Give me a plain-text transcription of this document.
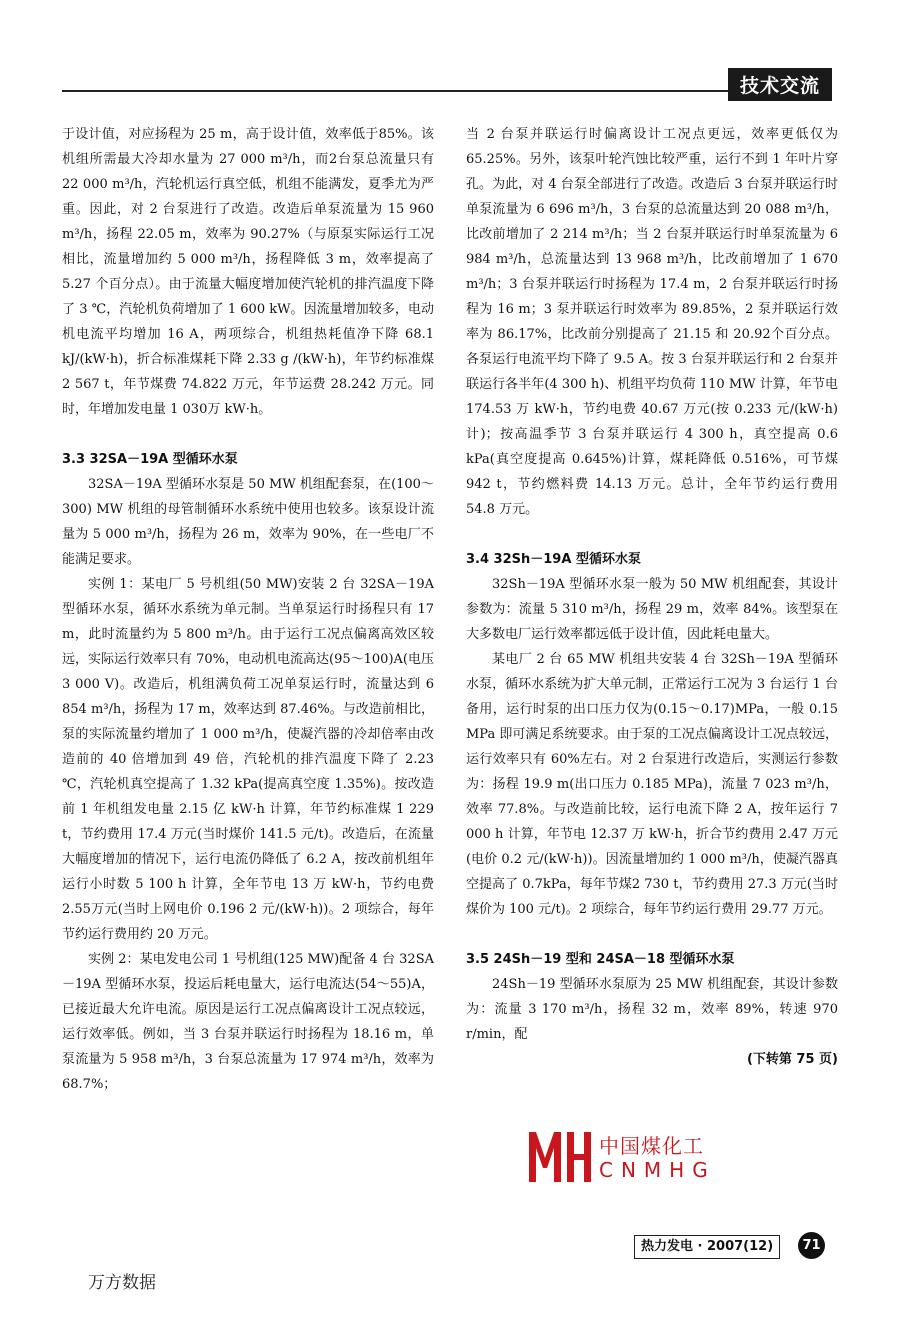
技术交流

于设计值，对应扬程为 25 m，高于设计值，效率低于85%。该机组所需最大冷却水量为 27 000 m³/h，而2台泵总流量只有 22 000 m³/h，汽轮机运行真空低，机组不能满发，夏季尤为严重。因此，对 2 台泵进行了改造。改造后单泵流量为 15 960 m³/h，扬程 22.05 m，效率为 90.27%（与原泵实际运行工况相比，流量增加约 5 000 m³/h，扬程降低 3 m，效率提高了 5.27 个百分点）。由于流量大幅度增加使汽轮机的排汽温度下降了 3 ℃，汽轮机负荷增加了 1 600 kW。因流量增加较多，电动机电流平均增加 16 A，两项综合，机组热耗值净下降 68.1 kJ/(kW·h)，折合标准煤耗下降 2.33 g /(kW·h)，年节约标准煤 2 567 t，年节煤费 74.822 万元，年节运费 28.242 万元。同时，年增加发电量 1 030万 kW·h。

3.3 32SA－19A 型循环水泵

32SA－19A 型循环水泵是 50 MW 机组配套泵，在(100～300) MW 机组的母管制循环水系统中使用也较多。该泵设计流量为 5 000 m³/h，扬程为 26 m，效率为 90%，在一些电厂不能满足要求。

实例 1：某电厂 5 号机组(50 MW)安装 2 台 32SA－19A 型循环水泵，循环水系统为单元制。当单泵运行时扬程只有 17 m，此时流量约为 5 800 m³/h。由于运行工况点偏离高效区较远，实际运行效率只有 70%，电动机电流高达(95～100)A(电压 3 000 V)。改造后，机组满负荷工况单泵运行时，流量达到 6 854 m³/h，扬程为 17 m，效率达到 87.46%。与改造前相比，泵的实际流量约增加了 1 000 m³/h，使凝汽器的冷却倍率由改造前的 40 倍增加到 49 倍，汽轮机的排汽温度下降了 2.23 ℃，汽轮机真空提高了 1.32 kPa(提高真空度 1.35%)。按改造前 1 年机组发电量 2.15 亿 kW·h 计算，年节约标准煤 1 229 t，节约费用 17.4 万元(当时煤价 141.5 元/t)。改造后，在流量大幅度增加的情况下，运行电流仍降低了 6.2 A，按改前机组年运行小时数 5 100 h 计算，全年节电 13 万 kW·h，节约电费 2.55万元(当时上网电价 0.196 2 元/(kW·h))。2 项综合，每年节约运行费用约 20 万元。

实例 2：某电发电公司 1 号机组(125 MW)配备 4 台 32SA－19A 型循环水泵，投运后耗电量大，运行电流达(54～55)A，已接近最大允许电流。原因是运行工况点偏离设计工况点较远，运行效率低。例如，当 3 台泵并联运行时扬程为 18.16 m，单泵流量为 5 958 m³/h，3 台泵总流量为 17 974 m³/h，效率为 68.7%；

当 2 台泵并联运行时偏离设计工况点更远，效率更低仅为65.25%。另外，该泵叶轮汽蚀比较严重，运行不到 1 年叶片穿孔。为此，对 4 台泵全部进行了改造。改造后 3 台泵并联运行时单泵流量为 6 696 m³/h，3 台泵的总流量达到 20 088 m³/h，比改前增加了 2 214 m³/h；当 2 台泵并联运行时单泵流量为 6 984 m³/h，总流量达到 13 968 m³/h，比改前增加了 1 670 m³/h；3 台泵并联运行时扬程为 17.4 m，2 台泵并联运行时扬程为 16 m；3 泵并联运行时效率为 89.85%，2 泵并联运行效率为 86.17%，比改前分别提高了 21.15 和 20.92个百分点。各泵运行电流平均下降了 9.5 A。按 3 台泵并联运行和 2 台泵并联运行各半年(4 300 h)、机组平均负荷 110 MW 计算，年节电 174.53 万 kW·h，节约电费 40.67 万元(按 0.233 元/(kW·h)计)；按高温季节 3 台泵并联运行 4 300 h，真空提高 0.6 kPa(真空度提高 0.645%)计算，煤耗降低 0.516%，可节煤942 t，节约燃料费 14.13 万元。总计，全年节约运行费用 54.8 万元。

3.4 32Sh－19A 型循环水泵

32Sh－19A 型循环水泵一般为 50 MW 机组配套，其设计参数为：流量 5 310 m³/h，扬程 29 m，效率 84%。该型泵在大多数电厂运行效率都远低于设计值，因此耗电量大。

某电厂 2 台 65 MW 机组共安装 4 台 32Sh－19A 型循环水泵，循环水系统为扩大单元制，正常运行工况为 3 台运行 1 台备用，运行时泵的出口压力仅为(0.15～0.17)MPa，一般 0.15 MPa 即可满足系统要求。由于泵的工况点偏离设计工况点较远，运行效率只有 60%左右。对 2 台泵进行改造后，实测运行参数为：扬程 19.9 m(出口压力 0.185 MPa)，流量 7 023 m³/h，效率 77.8%。与改造前比较，运行电流下降 2 A，按年运行 7 000 h 计算，年节电 12.37 万 kW·h，折合节约费用 2.47 万元(电价 0.2 元/(kW·h))。因流量增加约 1 000 m³/h，使凝汽器真空提高了 0.7kPa，每年节煤2 730 t，节约费用 27.3 万元(当时煤价为 100 元/t)。2 项综合，每年节约运行费用 29.77 万元。

3.5 24Sh－19 型和 24SA－18 型循环水泵

24Sh－19 型循环水泵原为 25 MW 机组配套，其设计参数为：流量 3 170 m³/h，扬程 32 m，效率 89%，转速 970 r/min，配

(下转第 75 页)
中国煤化工
CNMHG
热力发电 · 2007(12)	71
万方数据
